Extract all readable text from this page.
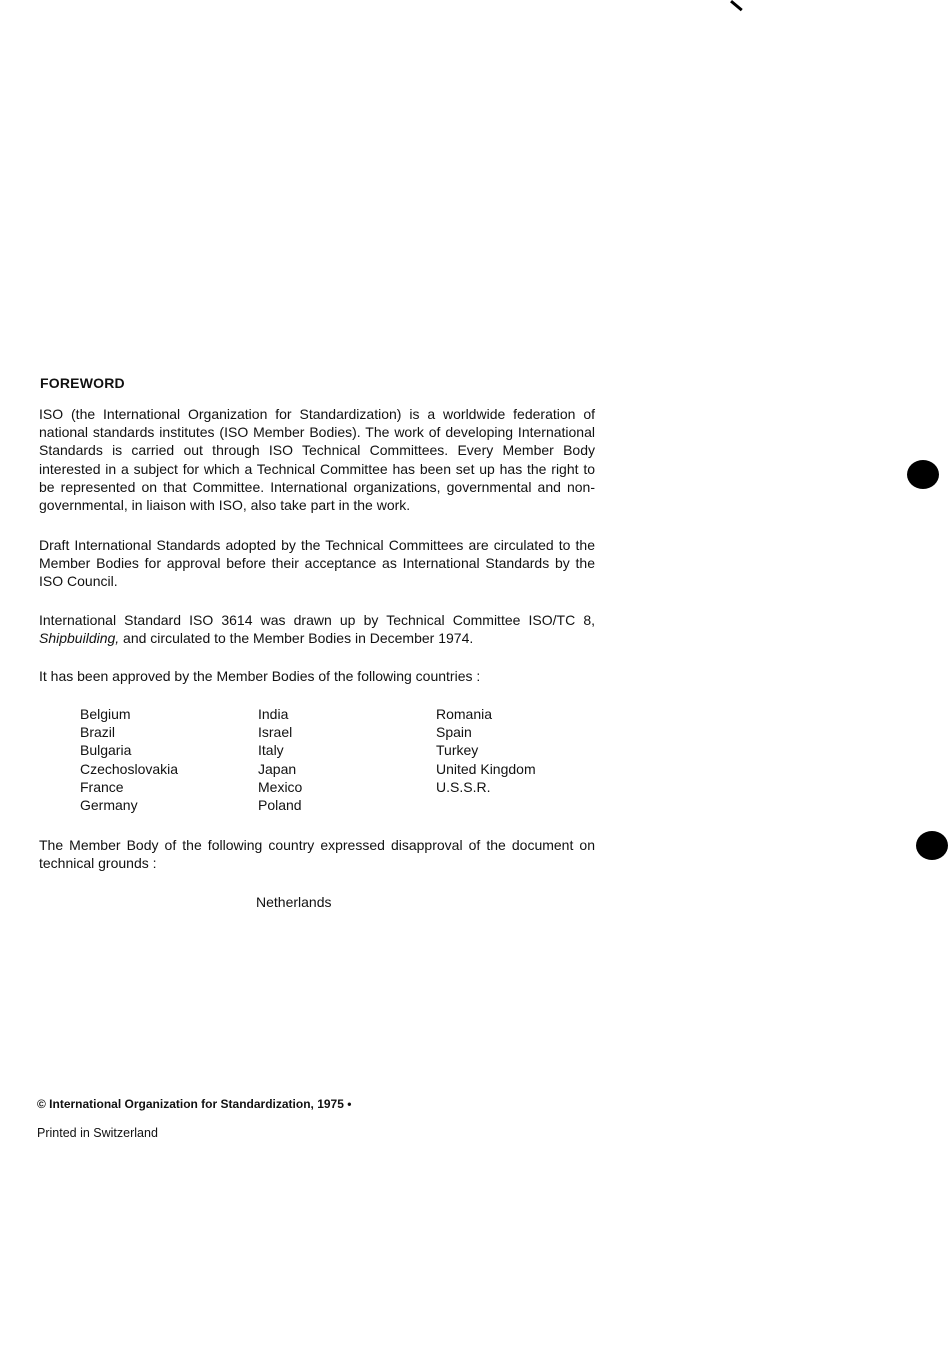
FOREWORD

ISO (the International Organization for Standardization) is a worldwide federation of national standards institutes (ISO Member Bodies). The work of developing International Standards is carried out through ISO Technical Committees. Every Member Body interested in a subject for which a Technical Committee has been set up has the right to be represented on that Committee. International organizations, governmental and non-governmental, in liaison with ISO, also take part in the work.

Draft International Standards adopted by the Technical Committees are circulated to the Member Bodies for approval before their acceptance as International Standards by the ISO Council.

International Standard ISO 3614 was drawn up by Technical Committee ISO/TC 8, Shipbuilding, and circulated to the Member Bodies in December 1974.

It has been approved by the Member Bodies of the following countries :

Belgium
Brazil
Bulgaria
Czechoslovakia
France
Germany
India
Israel
Italy
Japan
Mexico
Poland
Romania
Spain
Turkey
United Kingdom
U.S.S.R.

The Member Body of the following country expressed disapproval of the document on technical grounds :

Netherlands
© International Organization for Standardization, 1975 •
Printed in Switzerland
